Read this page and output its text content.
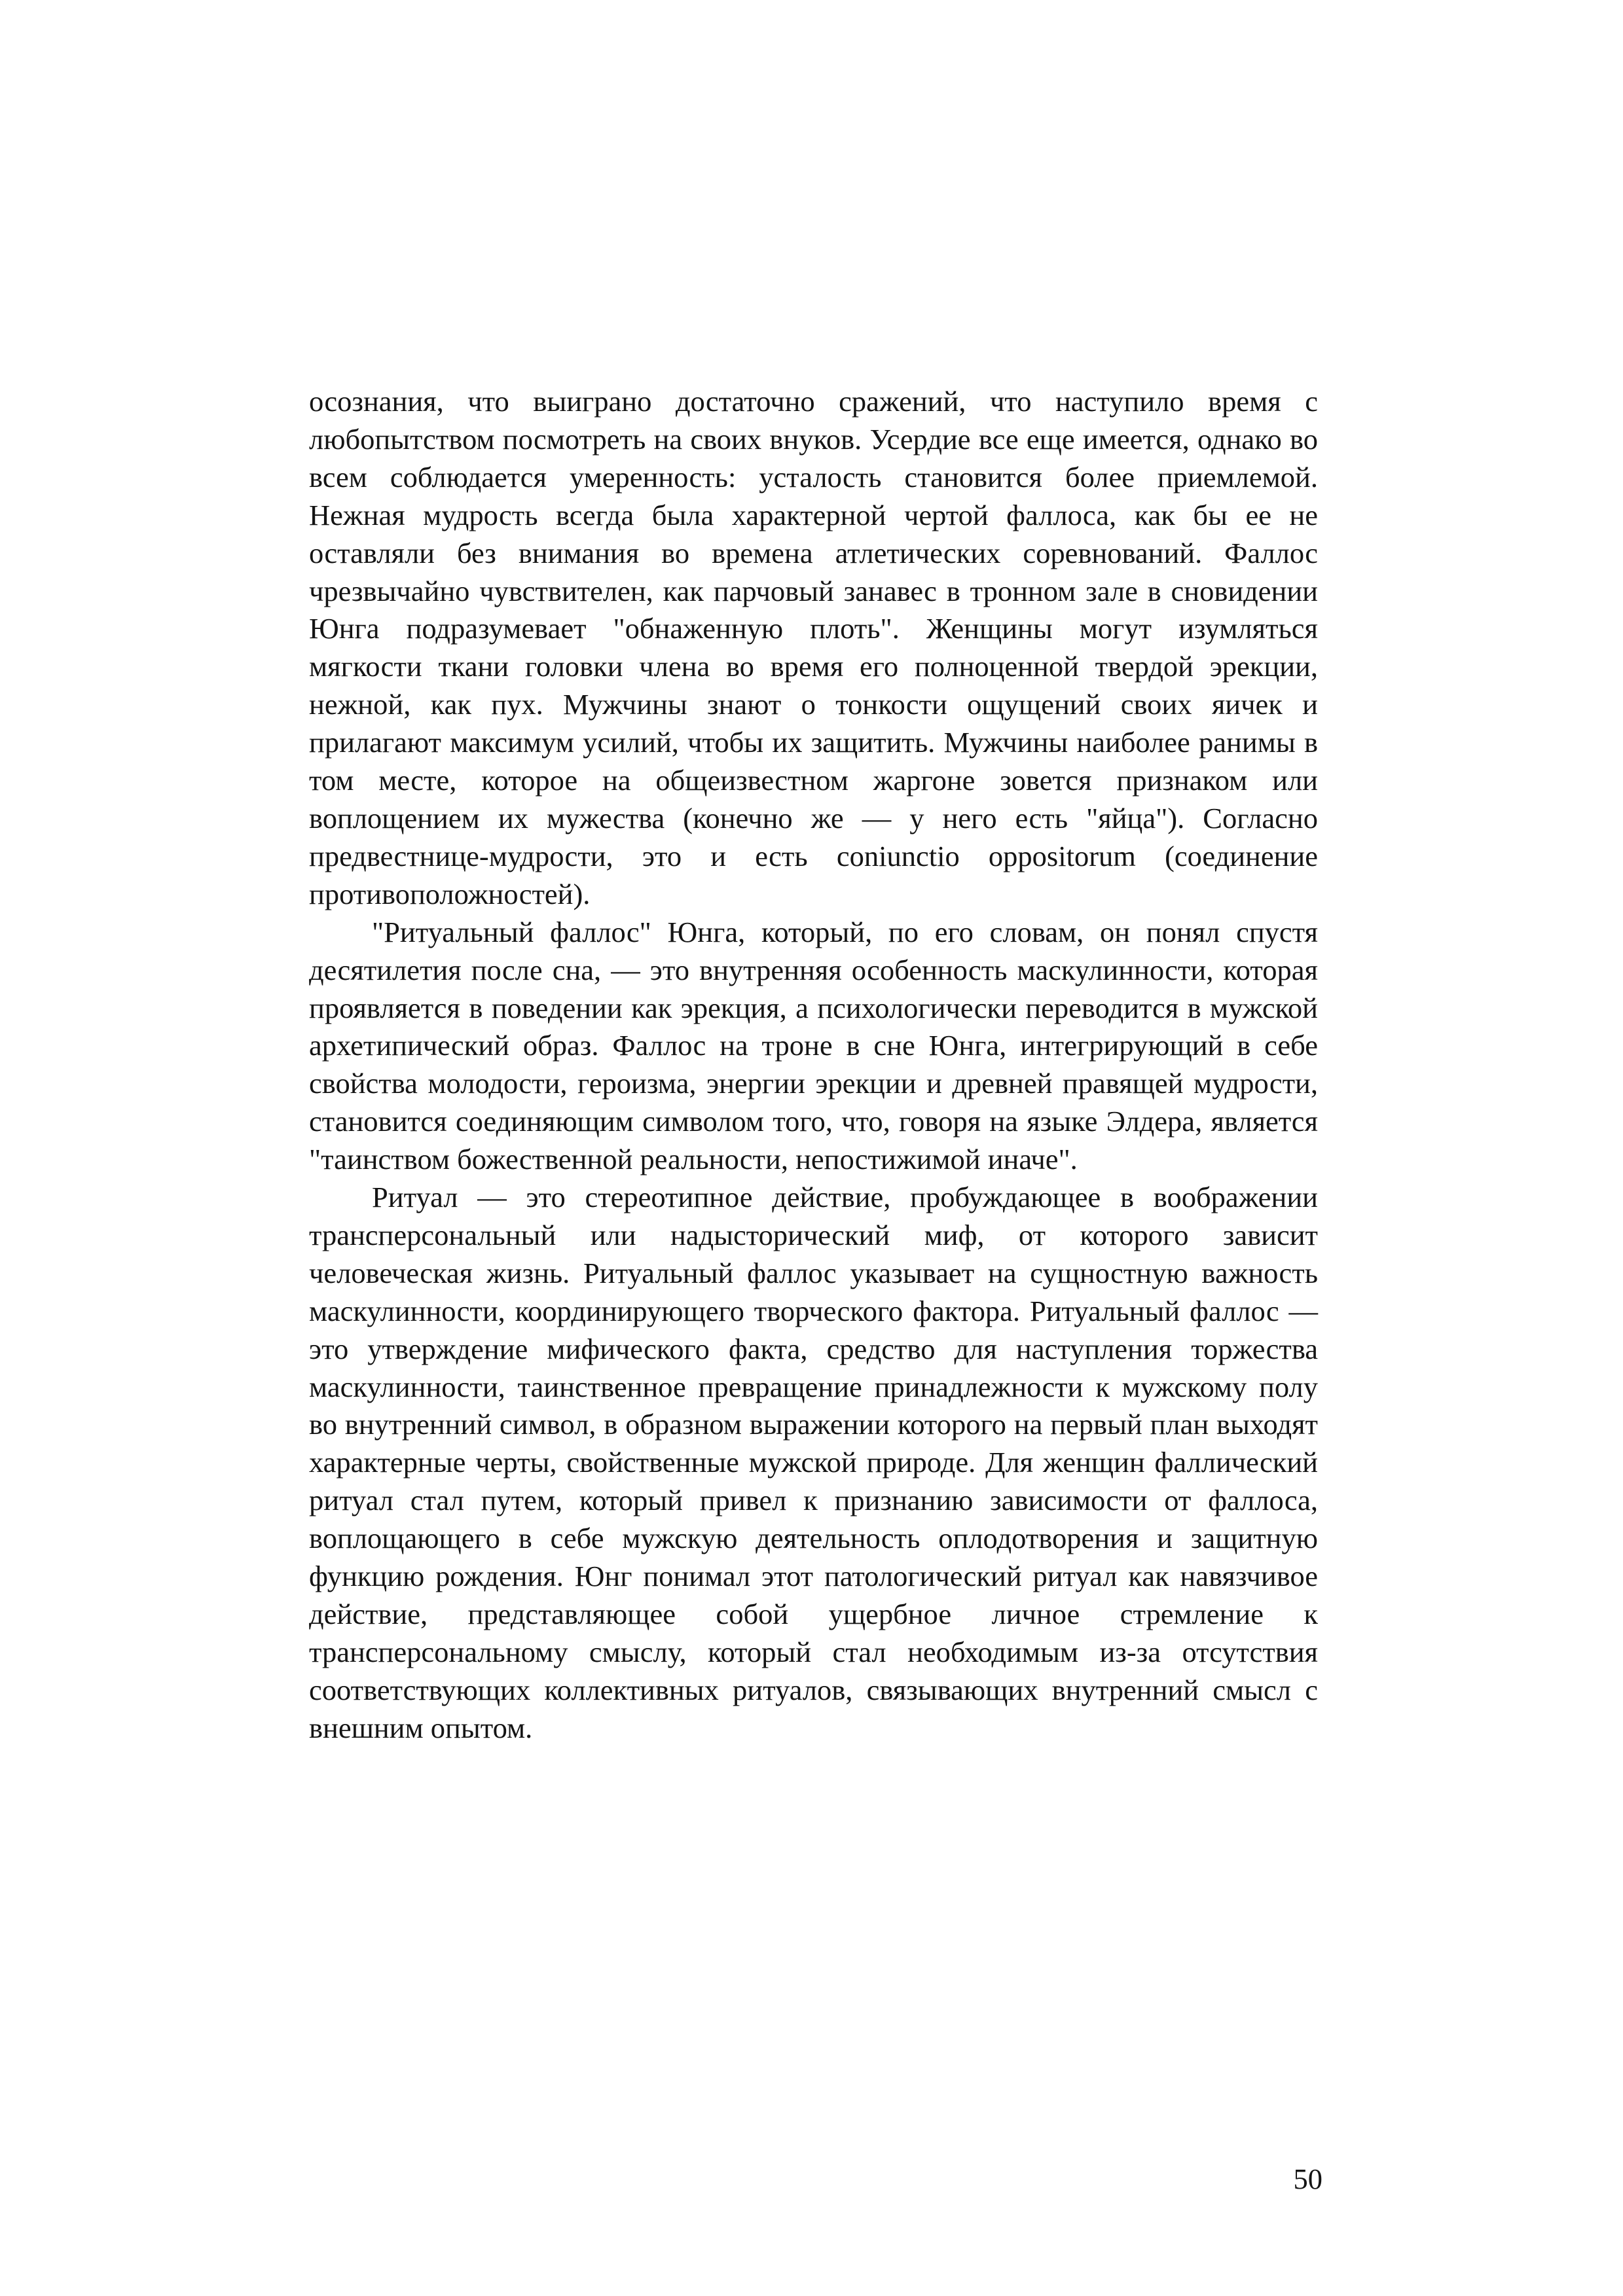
осознания, что выиграно достаточно сражений, что наступило время с любопытством посмотреть на своих внуков. Усердие все еще имеется, однако во всем соблюдается умеренность: усталость становится более приемлемой. Нежная мудрость всегда была характерной чертой фаллоса, как бы ее не оставляли без внимания во времена атлетических соревнований. Фаллос чрезвычайно чувствителен, как парчовый занавес в тронном зале в сновидении Юнга подразумевает "обнаженную плоть". Женщины могут изумляться мягкости ткани головки члена во время его полноценной твердой эрекции, нежной, как пух. Мужчины знают о тонкости ощущений своих яичек и прилагают максимум усилий, чтобы их защитить. Мужчины наиболее ранимы в том месте, которое на общеизвестном жаргоне зовется признаком или воплощением их мужества (конечно же — у него есть "яйца"). Согласно предвестнице-мудрости, это и есть coniunctio oppositorum (соединение противоположностей).

"Ритуальный фаллос" Юнга, который, по его словам, он понял спустя десятилетия после сна, — это внутренняя особенность маскулинности, которая проявляется в поведении как эрекция, а психологически переводится в мужской архетипический образ. Фаллос на троне в сне Юнга, интегрирующий в себе свойства молодости, героизма, энергии эрекции и древней правящей мудрости, становится соединяющим символом того, что, говоря на языке Элдера, является "таинством божественной реальности, непостижимой иначе".

Ритуал — это стереотипное действие, пробуждающее в воображении трансперсональный или надысторический миф, от которого зависит человеческая жизнь. Ритуальный фаллос указывает на сущностную важность маскулинности, координирующего творческого фактора. Ритуальный фаллос — это утверждение мифического факта, средство для наступления торжества маскулинности, таинственное превращение принадлежности к мужскому полу во внутренний символ, в образном выражении которого на первый план выходят характерные черты, свойственные мужской природе. Для женщин фаллический ритуал стал путем, который привел к признанию зависимости от фаллоса, воплощающего в себе мужскую деятельность оплодотворения и защитную функцию рождения. Юнг понимал этот патологический ритуал как навязчивое действие, представляющее собой ущербное личное стремление к трансперсональному смыслу, который стал необходимым из-за отсутствия соответствующих коллективных ритуалов, связывающих внутренний смысл с внешним опытом.

50
